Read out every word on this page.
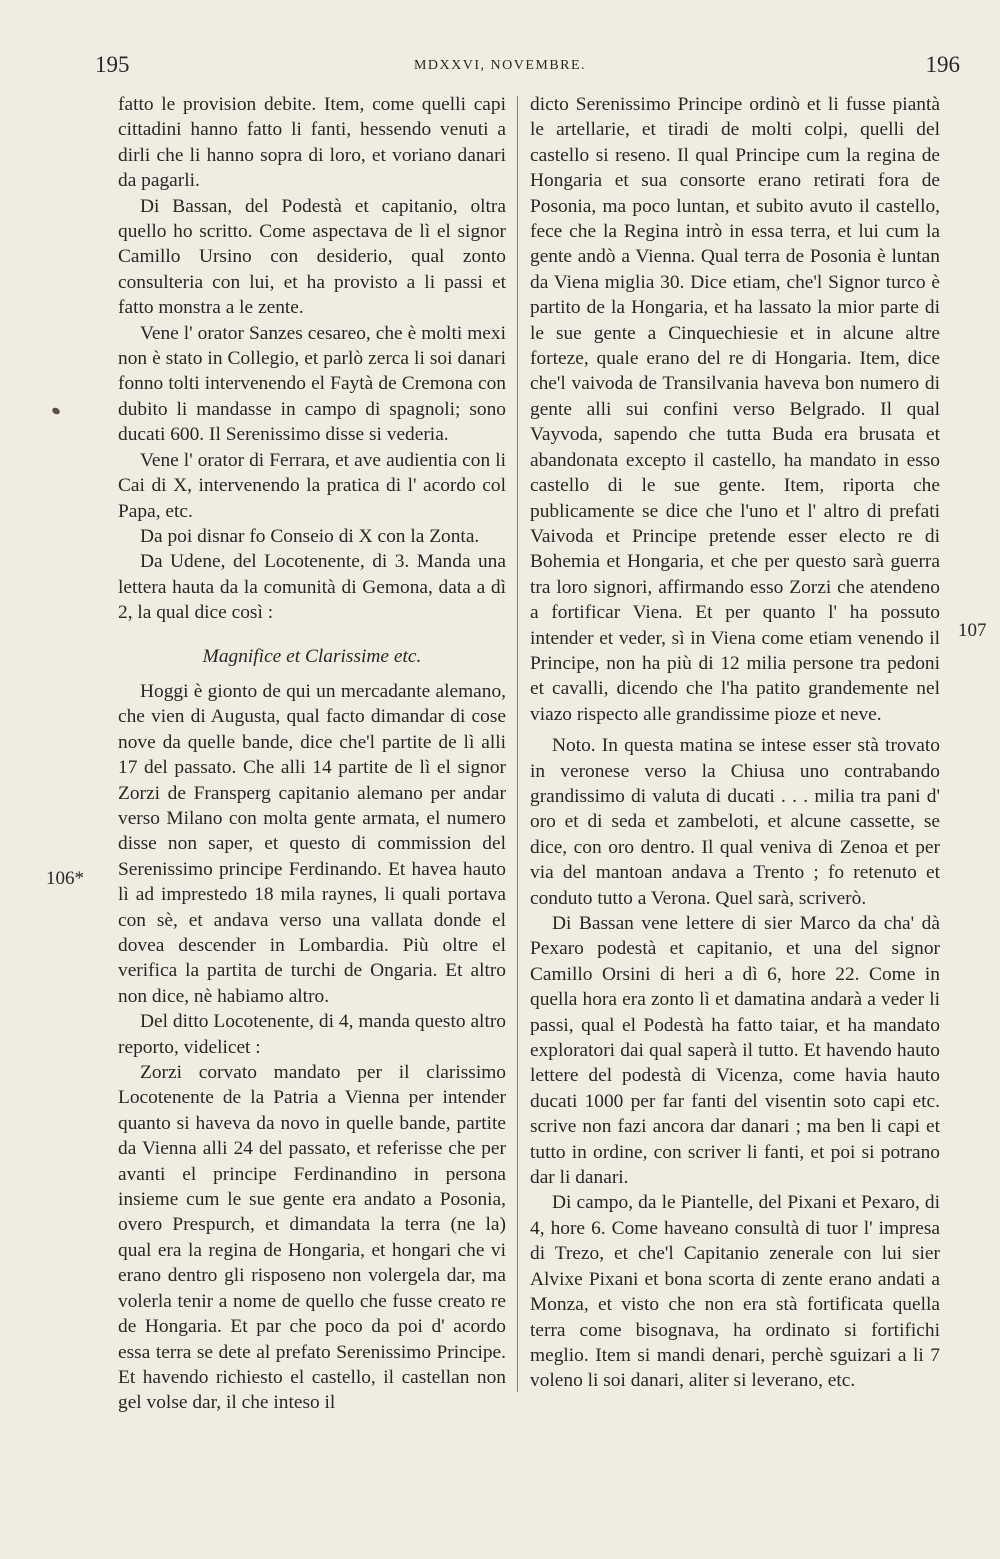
195	MDXXVI, NOVEMBRE.	196
106*
107

fatto le provision debite. Item, come quelli capi cittadini hanno fatto li fanti, hessendo venuti a dirli che li hanno sopra di loro, et voriano danari da pagarli.

Di Bassan, del Podestà et capitanio, oltra quello ho scritto. Come aspectava de lì el signor Camillo Ursino con desiderio, qual zonto consulteria con lui, et ha provisto a li passi et fatto monstra a le zente.

Vene l' orator Sanzes cesareo, che è molti mexi non è stato in Collegio, et parlò zerca li soi danari fonno tolti intervenendo el Faytà de Cremona con dubito li mandasse in campo di spagnoli; sono ducati 600. Il Serenissimo disse si vederia.

Vene l' orator di Ferrara, et ave audientia con li Cai di X, intervenendo la pratica di l' acordo col Papa, etc.

Da poi disnar fo Conseio di X con la Zonta.

Da Udene, del Locotenente, di 3. Manda una lettera hauta da la comunità di Gemona, data a dì 2, la qual dice così :

Magnifice et Clarissime etc.

Hoggi è gionto de qui un mercadante alemano, che vien di Augusta, qual facto dimandar di cose nove da quelle bande, dice che'l partite de lì alli 17 del passato. Che alli 14 partite de lì el signor Zorzi de Fransperg capitanio alemano per andar verso Milano con molta gente armata, el numero disse non saper, et questo di commission del Serenissimo principe Ferdinando. Et havea hauto lì ad imprestedo 18 mila raynes, li quali portava con sè, et andava verso una vallata donde el dovea descender in Lombardia. Più oltre el verifica la partita de turchi de Ongaria. Et altro non dice, nè habiamo altro.

Del ditto Locotenente, di 4, manda questo altro reporto, videlicet :

Zorzi corvato mandato per il clarissimo Locotenente de la Patria a Vienna per intender quanto si haveva da novo in quelle bande, partite da Vienna alli 24 del passato, et referisse che per avanti el principe Ferdinandino in persona insieme cum le sue gente era andato a Posonia, overo Prespurch, et dimandata la terra (ne la) qual era la regina de Hongaria, et hongari che vi erano dentro gli risposeno non volergela dar, ma volerla tenir a nome de quello che fusse creato re de Hongaria. Et par che poco da poi d' acordo essa terra se dete al prefato Serenissimo Principe. Et havendo richiesto el castello, il castellan non gel volse dar, il che inteso il

dicto Serenissimo Principe ordinò et li fusse piantà le artellarie, et tiradi de molti colpi, quelli del castello si reseno. Il qual Principe cum la regina de Hongaria et sua consorte erano retirati fora de Posonia, ma poco luntan, et subito avuto il castello, fece che la Regina intrò in essa terra, et lui cum la gente andò a Vienna. Qual terra de Posonia è luntan da Viena miglia 30. Dice etiam, che'l Signor turco è partito de la Hongaria, et ha lassato la mior parte di le sue gente a Cinquechiesie et in alcune altre forteze, quale erano del re di Hongaria. Item, dice che'l vaivoda de Transilvania haveva bon numero di gente alli sui confini verso Belgrado. Il qual Vayvoda, sapendo che tutta Buda era brusata et abandonata excepto il castello, ha mandato in esso castello di le sue gente. Item, riporta che publicamente se dice che l'uno et l' altro di prefati Vaivoda et Principe pretende esser electo re di Bohemia et Hongaria, et che per questo sarà guerra tra loro signori, affirmando esso Zorzi che atendeno a fortificar Viena. Et per quanto l' ha possuto intender et veder, sì in Viena come etiam venendo il Principe, non ha più di 12 milia persone tra pedoni et cavalli, dicendo che l'ha patito grandemente nel viazo rispecto alle grandissime pioze et neve.

Noto. In questa matina se intese esser stà trovato in veronese verso la Chiusa uno contrabando grandissimo di valuta di ducati . . . milia tra pani d' oro et di seda et zambeloti, et alcune cassette, se dice, con oro dentro. Il qual veniva di Zenoa et per via del mantoan andava a Trento ; fo retenuto et conduto tutto a Verona. Quel sarà, scriverò.

Di Bassan vene lettere di sier Marco da cha' dà Pexaro podestà et capitanio, et una del signor Camillo Orsini di heri a dì 6, hore 22. Come in quella hora era zonto lì et damatina andarà a veder li passi, qual el Podestà ha fatto taiar, et ha mandato exploratori dai qual saperà il tutto. Et havendo hauto lettere del podestà di Vicenza, come havia hauto ducati 1000 per far fanti del visentin soto capi etc. scrive non fazi ancora dar danari ; ma ben li capi et tutto in ordine, con scriver li fanti, et poi si potrano dar li danari.

Di campo, da le Piantelle, del Pixani et Pexaro, di 4, hore 6. Come haveano consultà di tuor l' impresa di Trezo, et che'l Capitanio zenerale con lui sier Alvixe Pixani et bona scorta di zente erano andati a Monza, et visto che non era stà fortificata quella terra come bisognava, ha ordinato si fortifichi meglio. Item si mandi denari, perchè sguizari a li 7 voleno li soi danari, aliter si leverano, etc.
